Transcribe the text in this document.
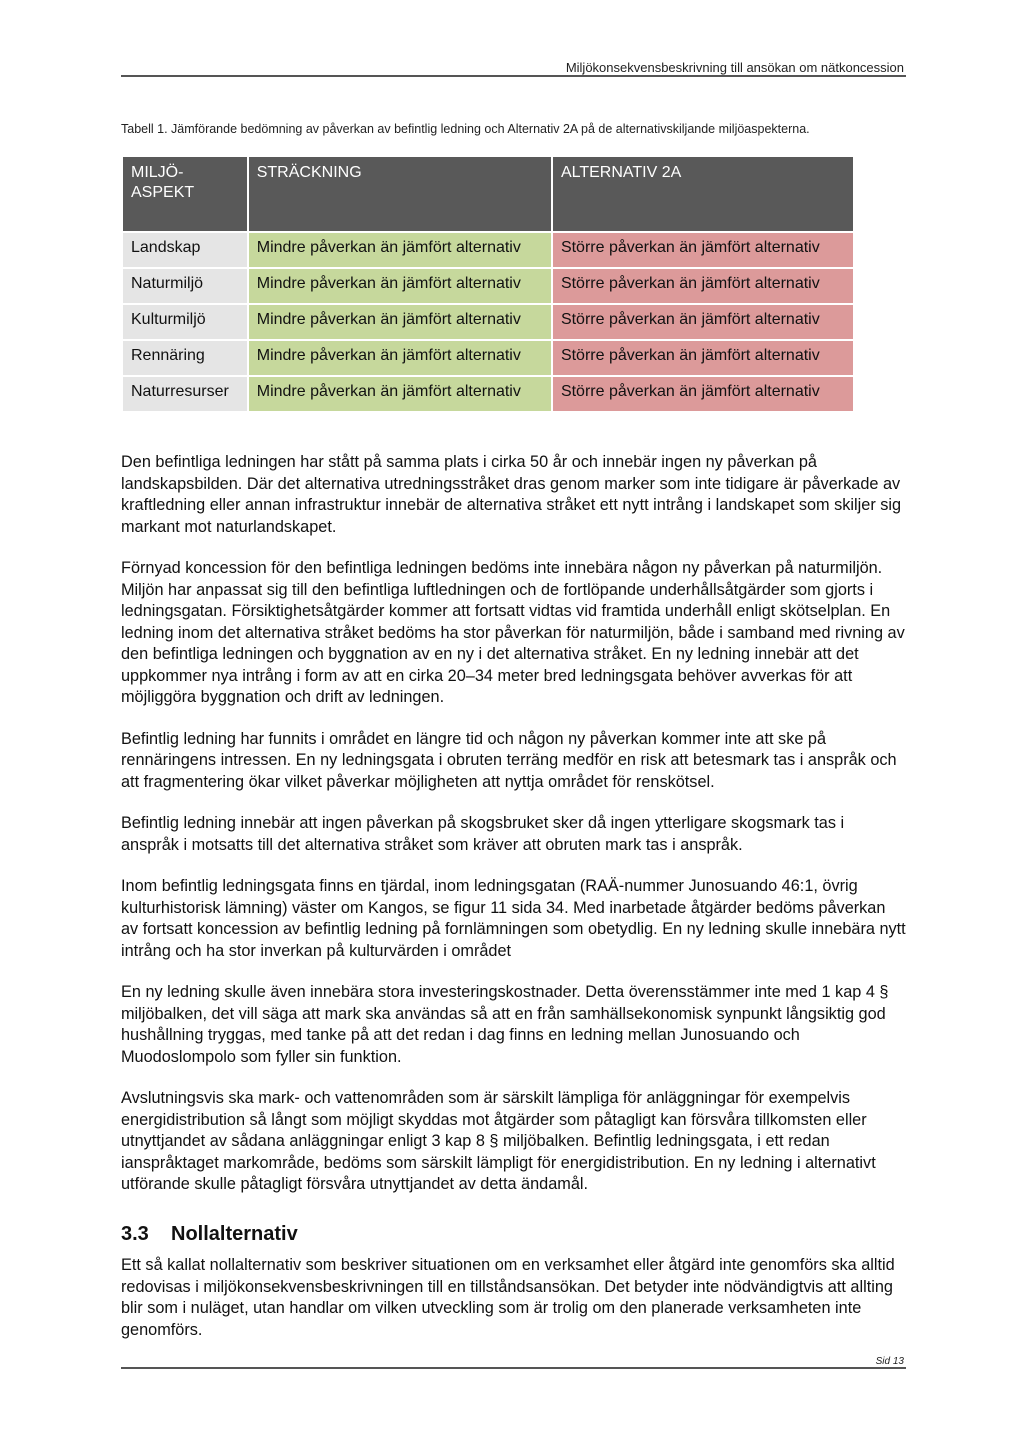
Miljökonsekvensbeskrivning till ansökan om nätkoncession
Tabell 1. Jämförande bedömning av påverkan av befintlig ledning och Alternativ 2A på de alternativskiljande miljöaspekterna.
MILJÖ-
ASPEKT	STRÄCKNING	ALTERNATIV 2A
Landskap	Mindre påverkan än jämfört alternativ	Större påverkan än jämfört alternativ
Naturmiljö	Mindre påverkan än jämfört alternativ	Större påverkan än jämfört alternativ
Kulturmiljö	Mindre påverkan än jämfört alternativ	Större påverkan än jämfört alternativ
Rennäring	Mindre påverkan än jämfört alternativ	Större påverkan än jämfört alternativ
Naturresurser	Mindre påverkan än jämfört alternativ	Större påverkan än jämfört alternativ

Den befintliga ledningen har stått på samma plats i cirka 50 år och innebär ingen ny påverkan på landskapsbilden. Där det alternativa utredningsstråket dras genom marker som inte tidigare är påverkade av kraftledning eller annan infrastruktur innebär de alternativa stråket ett nytt intrång i landskapet som skiljer sig markant mot naturlandskapet.

Förnyad koncession för den befintliga ledningen bedöms inte innebära någon ny påverkan på naturmiljön. Miljön har anpassat sig till den befintliga luftledningen och de fortlöpande underhållsåtgärder som gjorts i ledningsgatan. Försiktighetsåtgärder kommer att fortsatt vidtas vid framtida underhåll enligt skötselplan. En ledning inom det alternativa stråket bedöms ha stor påverkan för naturmiljön, både i samband med rivning av den befintliga ledningen och byggnation av en ny i det alternativa stråket. En ny ledning innebär att det uppkommer nya intrång i form av att en cirka 20–34 meter bred ledningsgata behöver avverkas för att möjliggöra byggnation och drift av ledningen.

Befintlig ledning har funnits i området en längre tid och någon ny påverkan kommer inte att ske på rennäringens intressen. En ny ledningsgata i obruten terräng medför en risk att betesmark tas i anspråk och att fragmentering ökar vilket påverkar möjligheten att nyttja området för renskötsel.

Befintlig ledning innebär att ingen påverkan på skogsbruket sker då ingen ytterligare skogsmark tas i anspråk i motsatts till det alternativa stråket som kräver att obruten mark tas i anspråk.

Inom befintlig ledningsgata finns en tjärdal, inom ledningsgatan (RAÄ-nummer Junosuando 46:1, övrig kulturhistorisk lämning) väster om Kangos, se figur 11 sida 34. Med inarbetade åtgärder bedöms påverkan av fortsatt koncession av befintlig ledning på fornlämningen som obetydlig. En ny ledning skulle innebära nytt intrång och ha stor inverkan på kulturvärden i området

En ny ledning skulle även innebära stora investeringskostnader. Detta överensstämmer inte med 1 kap 4 § miljöbalken, det vill säga att mark ska användas så att en från samhällsekonomisk synpunkt långsiktig god hushållning tryggas, med tanke på att det redan i dag finns en ledning mellan Junosuando och Muodoslompolo som fyller sin funktion.

Avslutningsvis ska mark- och vattenområden som är särskilt lämpliga för anläggningar för exempelvis energidistribution så långt som möjligt skyddas mot åtgärder som påtagligt kan försvåra tillkomsten eller utnyttjandet av sådana anläggningar enligt 3 kap 8 § miljöbalken. Befintlig ledningsgata, i ett redan ianspråktaget markområde, bedöms som särskilt lämpligt för energidistribution. En ny ledning i alternativt utförande skulle påtagligt försvåra utnyttjandet av detta ändamål.

3.3 Nollalternativ

Ett så kallat nollalternativ som beskriver situationen om en verksamhet eller åtgärd inte genomförs ska alltid redovisas i miljökonsekvensbeskrivningen till en tillståndsansökan. Det betyder inte nödvändigtvis att allting blir som i nuläget, utan handlar om vilken utveckling som är trolig om den planerade verksamheten inte genomförs.

Sid 13
